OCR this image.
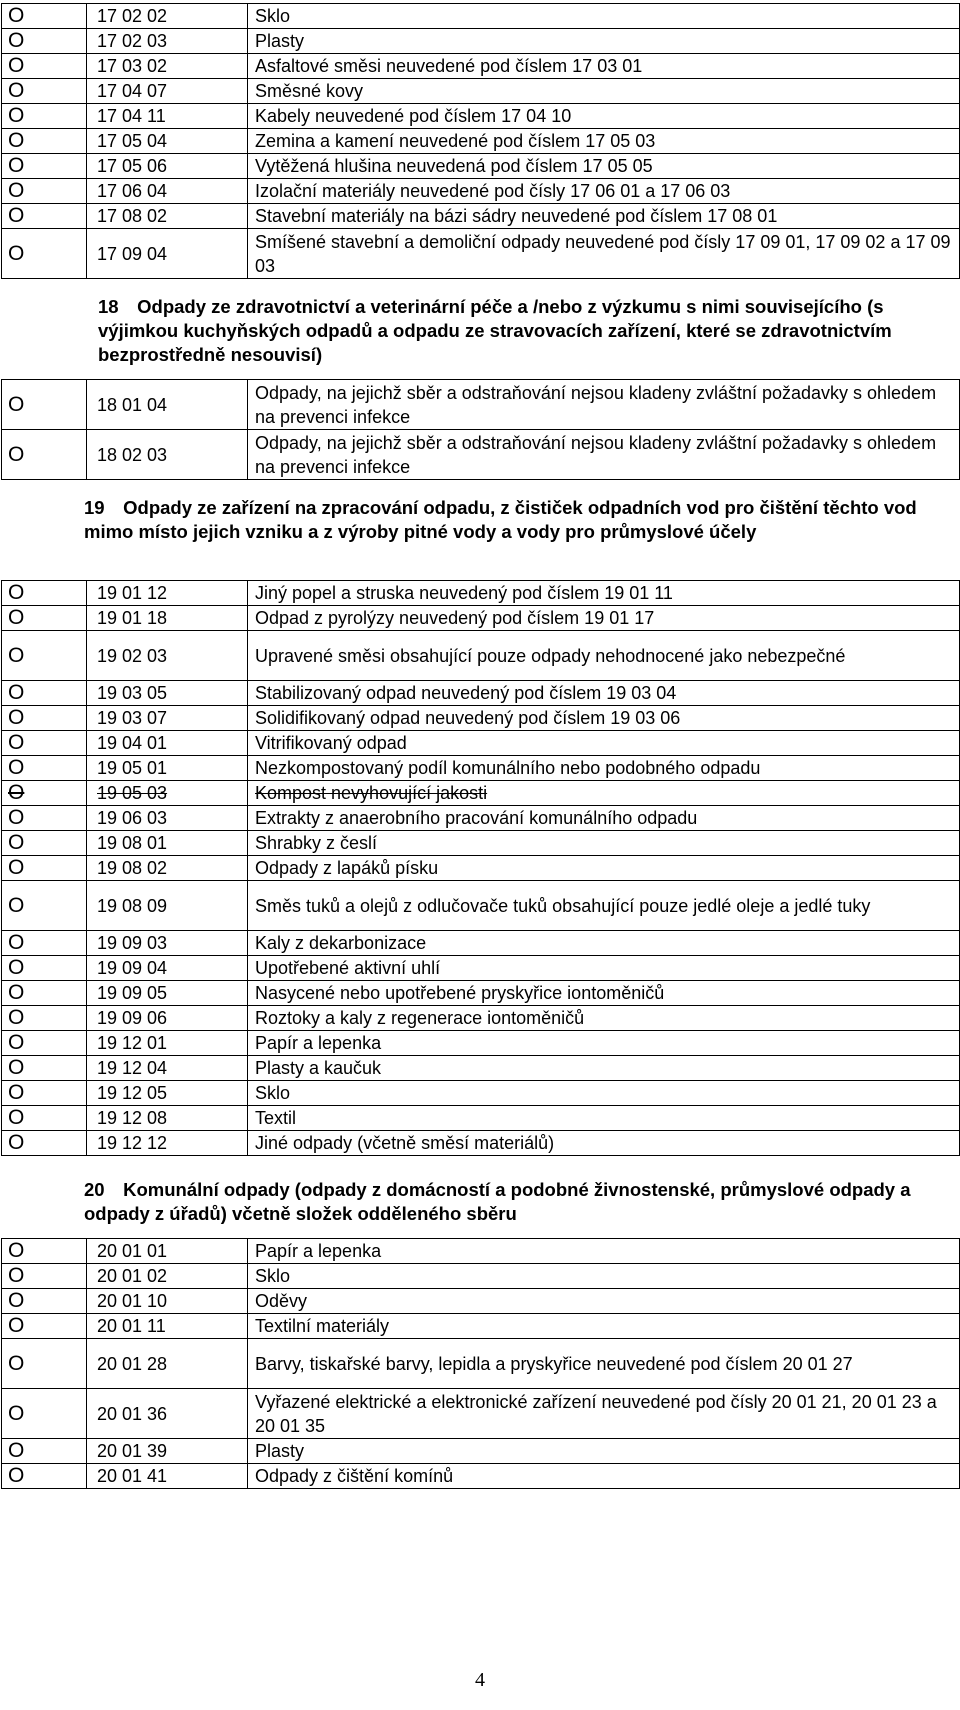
O	17 02 02	Sklo
O	17 02 03	Plasty
O	17 03 02	Asfaltové směsi neuvedené pod číslem 17 03 01
O	17 04 07	Směsné kovy
O	17 04 11	Kabely neuvedené pod číslem 17 04 10
O	17 05 04	Zemina a kamení neuvedené pod číslem 17 05 03
O	17 05 06	Vytěžená hlušina neuvedená pod číslem 17 05 05
O	17 06 04	Izolační materiály neuvedené pod čísly 17 06 01 a 17 06 03
O	17 08 02	Stavební materiály na bázi sádry neuvedené pod číslem 17 08 01
O	17 09 04	Smíšené stavební a demoliční odpady neuvedené pod čísly 17 09 01, 17 09 02 a 17 09 03
18 Odpady ze zdravotnictví a veterinární péče a /nebo z výzkumu s nimi souvisejícího (s výjimkou kuchyňských odpadů a odpadu ze stravovacích zařízení, které se zdravotnictvím bezprostředně nesouvisí)
O	18 01 04	Odpady, na jejichž sběr a odstraňování nejsou kladeny zvláštní požadavky s ohledem na prevenci infekce
O	18 02 03	Odpady, na jejichž sběr a odstraňování nejsou kladeny zvláštní požadavky s ohledem na prevenci infekce
19 Odpady ze zařízení na zpracování odpadu, z čističek odpadních vod pro čištění těchto vod mimo místo jejich vzniku a z výroby pitné vody a vody pro průmyslové účely
O	19 01 12	Jiný popel a struska neuvedený pod číslem 19 01 11
O	19 01 18	Odpad z pyrolýzy neuvedený pod číslem 19 01 17
O	19 02 03	Upravené směsi obsahující pouze odpady nehodnocené jako nebezpečné
O	19 03 05	Stabilizovaný odpad neuvedený pod číslem 19 03 04
O	19 03 07	Solidifikovaný odpad neuvedený pod číslem 19 03 06
O	19 04 01	Vitrifikovaný odpad
O	19 05 01	Nezkompostovaný podíl komunálního nebo podobného odpadu
O	19 05 03	Kompost nevyhovující jakosti
O	19 06 03	Extrakty z anaerobního pracování komunálního odpadu
O	19 08 01	Shrabky z česlí
O	19 08 02	Odpady z lapáků písku
O	19 08 09	Směs tuků a olejů z odlučovače tuků obsahující pouze jedlé oleje a jedlé tuky
O	19 09 03	Kaly z dekarbonizace
O	19 09 04	Upotřebené aktivní uhlí
O	19 09 05	Nasycené nebo upotřebené pryskyřice iontoměničů
O	19 09 06	Roztoky a kaly z regenerace iontoměničů
O	19 12 01	Papír a lepenka
O	19 12 04	Plasty a kaučuk
O	19 12 05	Sklo
O	19 12 08	Textil
O	19 12 12	Jiné odpady (včetně směsí materiálů)
20 Komunální odpady (odpady z domácností a podobné živnostenské, průmyslové odpady a odpady z úřadů) včetně složek odděleného sběru
O	20 01 01	Papír a lepenka
O	20 01 02	Sklo
O	20 01 10	Oděvy
O	20 01 11	Textilní materiály
O	20 01 28	Barvy, tiskařské barvy, lepidla a pryskyřice neuvedené pod číslem 20 01 27
O	20 01 36	Vyřazené elektrické a elektronické zařízení neuvedené pod čísly 20 01 21, 20 01 23 a 20 01 35
O	20 01 39	Plasty
O	20 01 41	Odpady z čištění komínů
4
